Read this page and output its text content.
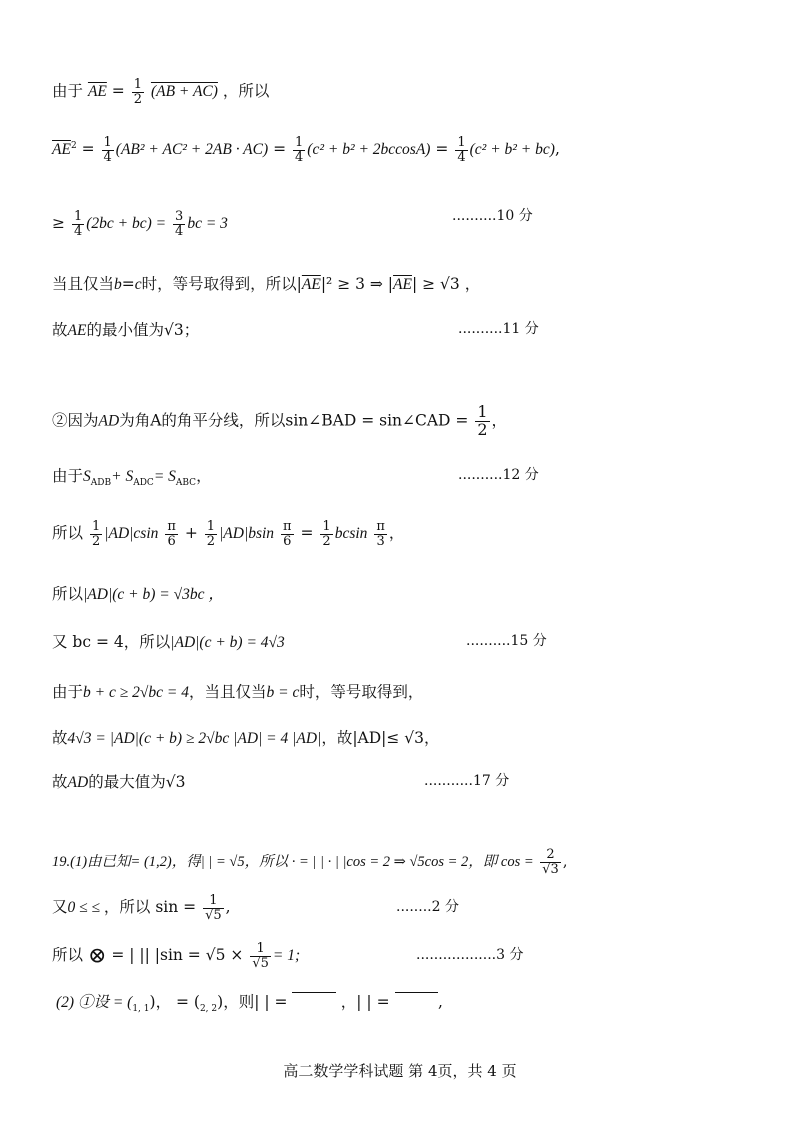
由于 $\overline{AE} = \frac{1}{2} (AB + AC)$ ，所以
$\overline{AE}^2 = \frac{1}{4} (AB^2 + AC^2 + 2AB \cdot AC) = \frac{1}{4} (c^2 + b^2 + 2bccosA) = \frac{1}{4} (c^2 + b^2 + bc)$,
≥ $\frac{1}{4} (2bc + bc) = \frac{3}{4}$ bc = 3	..........10 分
当且仅当b=c时，等号取得到，所以$|\overline{AE}|^2 \ge 3$ ⇒ $|\overline{AE}| \ge √3$ ，
故AE的最小值为√3；	..........11 分
②因为AD为角A的角平分线，所以sin∠BAD = sin∠CAD = $\frac{1}{2}$ ，
由于$S_{ADB}+ S_{ADC}= S_{ABC}$，	..........12 分
所以 $\frac{1}{2} |AD|csin \frac{\pi}{6} + \frac{1}{2} |AD|bsin \frac{\pi}{6} = \frac{1}{2}$ bcsin $\frac{\pi}{3}$ ，
所以|AD|(c + b) = √3bc ，
又 bc = 4，所以|AD|(c + b) = 4√3	..........15 分
由于b + c ≥ 2√bc = 4，当且仅当b = c时，等号取得到，
故4√3 = |AD|(c + b) ≥ 2√bc |AD| = 4 |AD|，故|AD|≤ √3，
故AD的最大值为√3	...........17 分
19.(1)由已知= (1,2)，得| | = √5，所以 · = | | · | |cos = 2 ⇒ √5cos = 2，即 $\cos = \frac{2}{√3}$ ,
又0 ≤ ≤ ，所以 $\sin = \frac{1}{√5}$ ,	........2 分
所以 ⊗ = | || $|\sin = √5 \times \frac{1}{√5} = 1$;	..................3 分
(2) ①设 = $(_{1, 1})$， = $(_{2, 2})$，则| | =	，| | =	,
高二数学学科试题 第 4页，共 4 页
